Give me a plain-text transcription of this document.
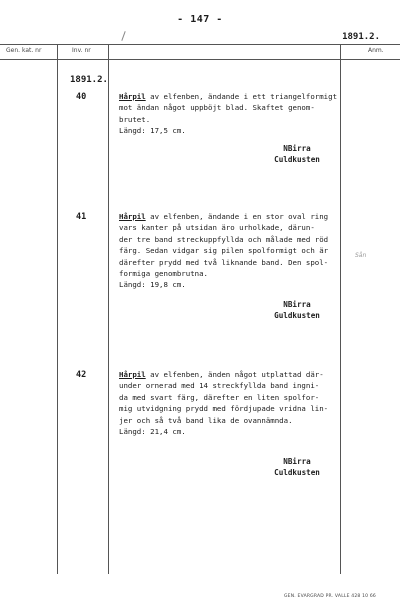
- 147 -
1891.2.
Gen. kat. nr	Inv. nr	Anm.
1891.2.
40	Hårpil av elfenben, ändande i ett triangelformigt
mot ändan något uppböjt blad. Skaftet genom-
brutet.
Längd: 17,5 cm.
NBirra
Culdkusten
41	Hårpil av elfenben, ändande i en stor oval ring
vars kanter på utsidan äro urholkade, därun-
der tre band streckuppfyllda och målade med röd
färg. Sedan vidgar sig pilen spolformigt och är
därefter prydd med två liknande band. Den spol-
formiga genombrutna.
Längd: 19,8 cm.
Sån
NBirra
Guldkusten
42	Hårpil av elfenben, änden något utplattad där-
under ornerad med 14 streckfyllda band ingni-
da med svart färg, därefter en liten spolfor-
mig utvidgning prydd med fördjupade vridna lin-
jer och så två band lika de ovannämnda.
Längd: 21,4 cm.
NBirra
Culdkusten
GEN. EVARGRAD PR. VALLE 428 10 66
